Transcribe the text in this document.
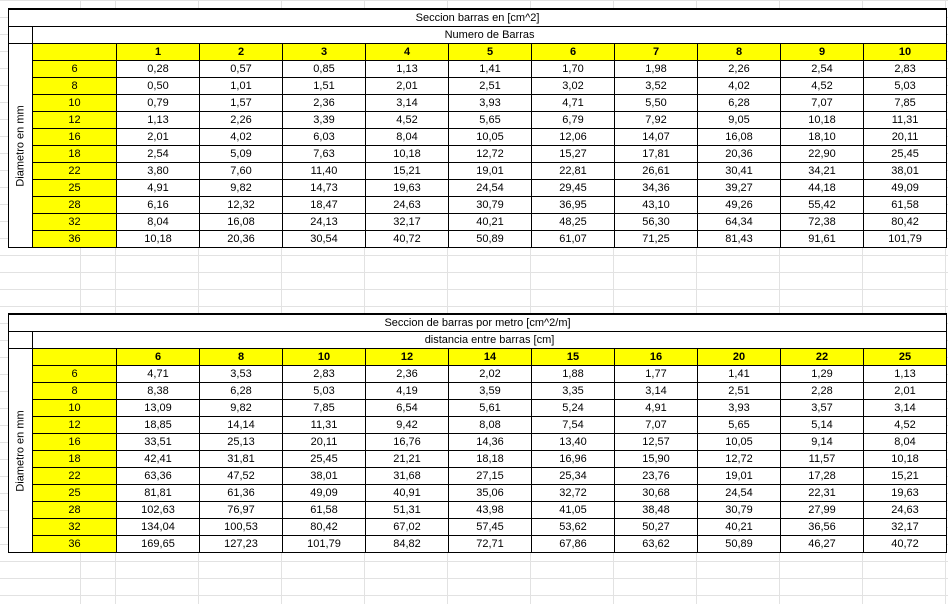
Seccion barras en [cm^2]											
	Numero de Barras										

Diametro en mm		1	2	3	4	5	6	7	8	9	10
	6	0,28	0,57	0,85	1,13	1,41	1,70	1,98	2,26	2,54	2,83
	8	0,50	1,01	1,51	2,01	2,51	3,02	3,52	4,02	4,52	5,03
	10	0,79	1,57	2,36	3,14	3,93	4,71	5,50	6,28	7,07	7,85
	12	1,13	2,26	3,39	4,52	5,65	6,79	7,92	9,05	10,18	11,31
	16	2,01	4,02	6,03	8,04	10,05	12,06	14,07	16,08	18,10	20,11
	18	2,54	5,09	7,63	10,18	12,72	15,27	17,81	20,36	22,90	25,45
	22	3,80	7,60	11,40	15,21	19,01	22,81	26,61	30,41	34,21	38,01
	25	4,91	9,82	14,73	19,63	24,54	29,45	34,36	39,27	44,18	49,09
	28	6,16	12,32	18,47	24,63	30,79	36,95	43,10	49,26	55,42	61,58
	32	8,04	16,08	24,13	32,17	40,21	48,25	56,30	64,34	72,38	80,42
	36	10,18	20,36	30,54	40,72	50,89	61,07	71,25	81,43	91,61	101,79
Seccion de barras por metro [cm^2/m]											
	distancia entre barras [cm]										

Diametro en mm		6	8	10	12	14	15	16	20	22	25
	6	4,71	3,53	2,83	2,36	2,02	1,88	1,77	1,41	1,29	1,13
	8	8,38	6,28	5,03	4,19	3,59	3,35	3,14	2,51	2,28	2,01
	10	13,09	9,82	7,85	6,54	5,61	5,24	4,91	3,93	3,57	3,14
	12	18,85	14,14	11,31	9,42	8,08	7,54	7,07	5,65	5,14	4,52
	16	33,51	25,13	20,11	16,76	14,36	13,40	12,57	10,05	9,14	8,04
	18	42,41	31,81	25,45	21,21	18,18	16,96	15,90	12,72	11,57	10,18
	22	63,36	47,52	38,01	31,68	27,15	25,34	23,76	19,01	17,28	15,21
	25	81,81	61,36	49,09	40,91	35,06	32,72	30,68	24,54	22,31	19,63
	28	102,63	76,97	61,58	51,31	43,98	41,05	38,48	30,79	27,99	24,63
	32	134,04	100,53	80,42	67,02	57,45	53,62	50,27	40,21	36,56	32,17
	36	169,65	127,23	101,79	84,82	72,71	67,86	63,62	50,89	46,27	40,72
